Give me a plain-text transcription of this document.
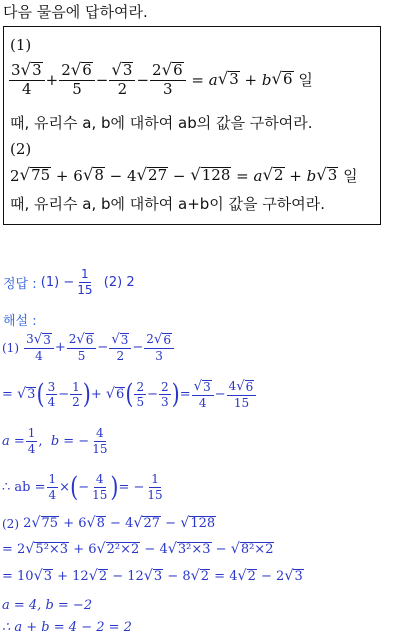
다음 물음에 답하여라.
(1)
$\frac{3 √ 3}{4} + \frac{2 √ 6}{5} - \frac{√ 3}{2} - \frac{2 √ 6}{3} = a$ √ 3 + b √ 6
일
때, 유리수 a, b에 대하여 ab의 값을 구하여라.
(2)
2 √ 75 + 6 √ 8 − 4 √ 27 − √ 128 = a √ 2 + b √ 3
일
때, 유리수 a, b에 대하여 a+b이 값을 구하여라.
정답 :
$(1) - \frac{1}{15}$
(2) 2
해설 :
(1)
$\frac{3 √ 3}{4} + \frac{2 √ 6}{5} - \frac{√ 3}{2} - \frac{2 √ 6}{3}$
= √ 3 ( $\frac{3}{4} - \frac{1}{2}$ ) + √ 6 ( $\frac{2}{5} - \frac{2}{3}$ ) = $\frac{√ 3}{4} - \frac{4 √ 6}{15}$
$a = \frac{1}{4}$ , b = − $\frac{4}{15}$
∴ ab = $\frac{1}{4}$ × ( − $\frac{4}{15}$ ) = − $\frac{1}{15}$
(2) 2 √ 75 + 6 √ 8 − 4 √ 27 − √ 128
= 2 √ 5²×3 + 6 √ 2²×2 − 4 √ 3²×3 − √ 8²×2
= 10 √ 3 + 12 √ 2 − 12 √ 3 − 8 √ 2 = 4 √ 2 − 2 √ 3
a = 4, b = −2
∴ a + b = 4 − 2 = 2
